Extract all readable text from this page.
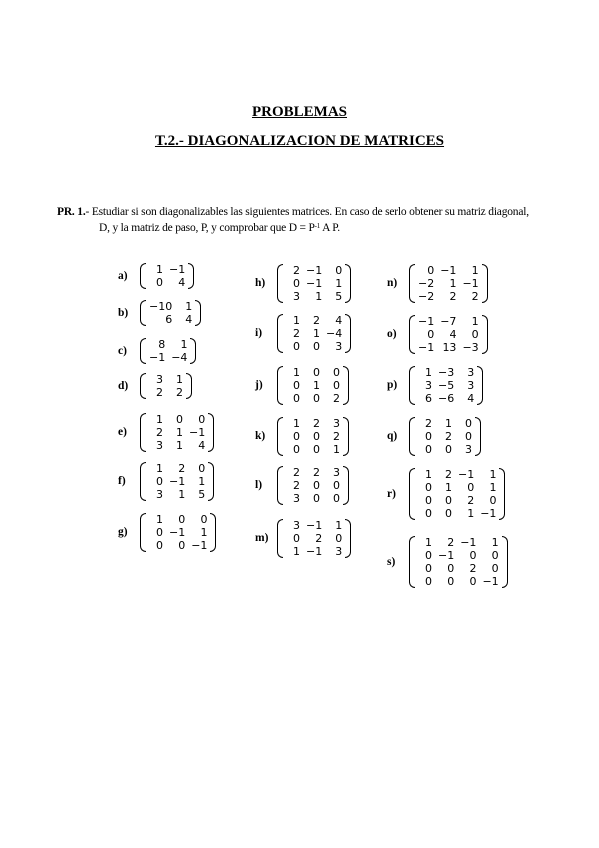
PROBLEMAS
T.2.- DIAGONALIZACION DE MATRICES
PR. 1.- Estudiar si son diagonalizables las siguientes matrices. En caso de serlo obtener su matriz diagonal,
D, y la matriz de paso, P, y comprobar que $D = P^{-1}$ A P.
a)	1	−1
0	4
b)	−10	1
6	4
c)	8	1
−1	−4
d)	3	1
2	2
e)
1	0	0
2	1	−1
3	1	4
f)
1	2	0
0	−1	1
3	1	5
g)
1	0	0
0	−1	1
0	0	−1
h)
2	−1	0
0	−1	1
3	1	5
i)
1	2	4
2	1	−4
0	0	3
j)
1	0	0
0	1	0
0	0	2
k)
1	2	3
0	0	2
0	0	1
l)
2	2	3
2	0	0
3	0	0
m)
3	−1	1
0	2	0
1	−1	3
n)
0	−1	1
−2	1	−1
−2	2	2
o)
−1	−7	1
0	4	0
−1	13	−3
p)
1	−3	3
3	−5	3
6	−6	4
q)
2	1	0
0	2	0
0	0	3
r)
1	2	−1	1
0	1	0	1
0	0	2	0
0	0	1	−1
s)
1	2	−1	1
0	−1	0	0
0	0	2	0
0	0	0	−1
